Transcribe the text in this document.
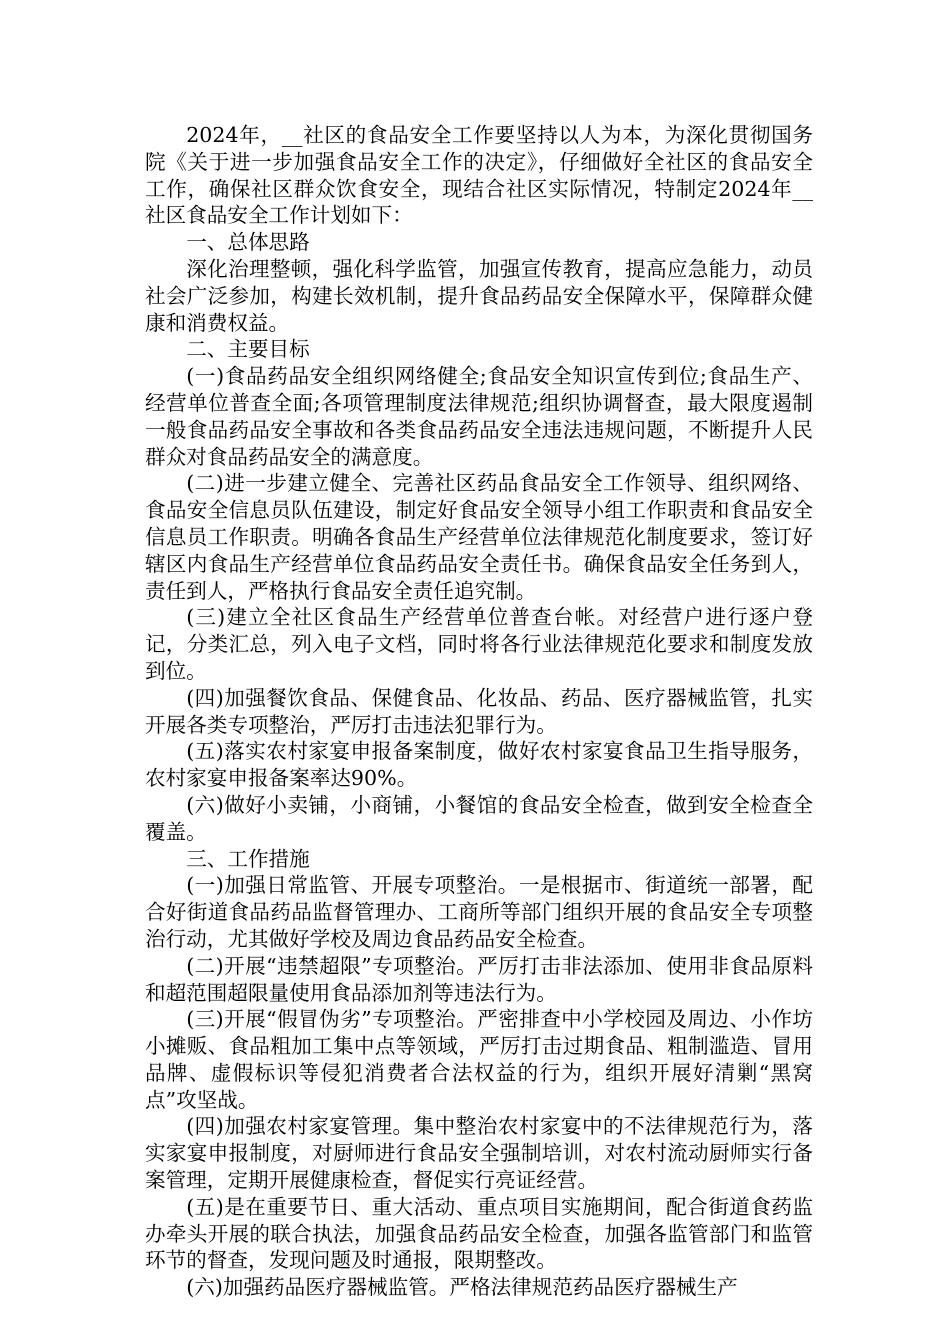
2024年，__社区的食品安全工作要坚持以人为本，为深化贯彻国务院《关于进一步加强食品安全工作的决定》，仔细做好全社区的食品安全工作，确保社区群众饮食安全，现结合社区实际情况，特制定2024年__社区食品安全工作计划如下：

一、总体思路

深化治理整顿，强化科学监管，加强宣传教育，提高应急能力，动员社会广泛参加，构建长效机制，提升食品药品安全保障水平，保障群众健康和消费权益。

二、主要目标

(一)食品药品安全组织网络健全;食品安全知识宣传到位;食品生产、经营单位普查全面;各项管理制度法律规范;组织协调督查，最大限度遏制一般食品药品安全事故和各类食品药品安全违法违规问题，不断提升人民群众对食品药品安全的满意度。

(二)进一步建立健全、完善社区药品食品安全工作领导、组织网络、食品安全信息员队伍建设，制定好食品安全领导小组工作职责和食品安全信息员工作职责。明确各食品生产经营单位法律规范化制度要求，签订好辖区内食品生产经营单位食品药品安全责任书。确保食品安全任务到人，责任到人，严格执行食品安全责任追究制。

(三)建立全社区食品生产经营单位普查台帐。对经营户进行逐户登记，分类汇总，列入电子文档，同时将各行业法律规范化要求和制度发放到位。

(四)加强餐饮食品、保健食品、化妆品、药品、医疗器械监管，扎实开展各类专项整治，严厉打击违法犯罪行为。

(五)落实农村家宴申报备案制度，做好农村家宴食品卫生指导服务，农村家宴申报备案率达90%。

(六)做好小卖铺，小商铺，小餐馆的食品安全检查，做到安全检查全覆盖。

三、工作措施

(一)加强日常监管、开展专项整治。一是根据市、街道统一部署，配合好街道食品药品监督管理办、工商所等部门组织开展的食品安全专项整治行动，尤其做好学校及周边食品药品安全检查。

(二)开展“违禁超限”专项整治。严厉打击非法添加、使用非食品原料和超范围超限量使用食品添加剂等违法行为。

(三)开展“假冒伪劣”专项整治。严密排查中小学校园及周边、小作坊小摊贩、食品粗加工集中点等领域，严厉打击过期食品、粗制滥造、冒用品牌、虚假标识等侵犯消费者合法权益的行为，组织开展好清剿“黑窝点”攻坚战。

(四)加强农村家宴管理。集中整治农村家宴中的不法律规范行为，落实家宴申报制度，对厨师进行食品安全强制培训，对农村流动厨师实行备案管理，定期开展健康检查，督促实行亮证经营。

(五)是在重要节日、重大活动、重点项目实施期间，配合街道食药监办牵头开展的联合执法，加强食品药品安全检查，加强各监管部门和监管环节的督查，发现问题及时通报，限期整改。

(六)加强药品医疗器械监管。严格法律规范药品医疗器械生产
